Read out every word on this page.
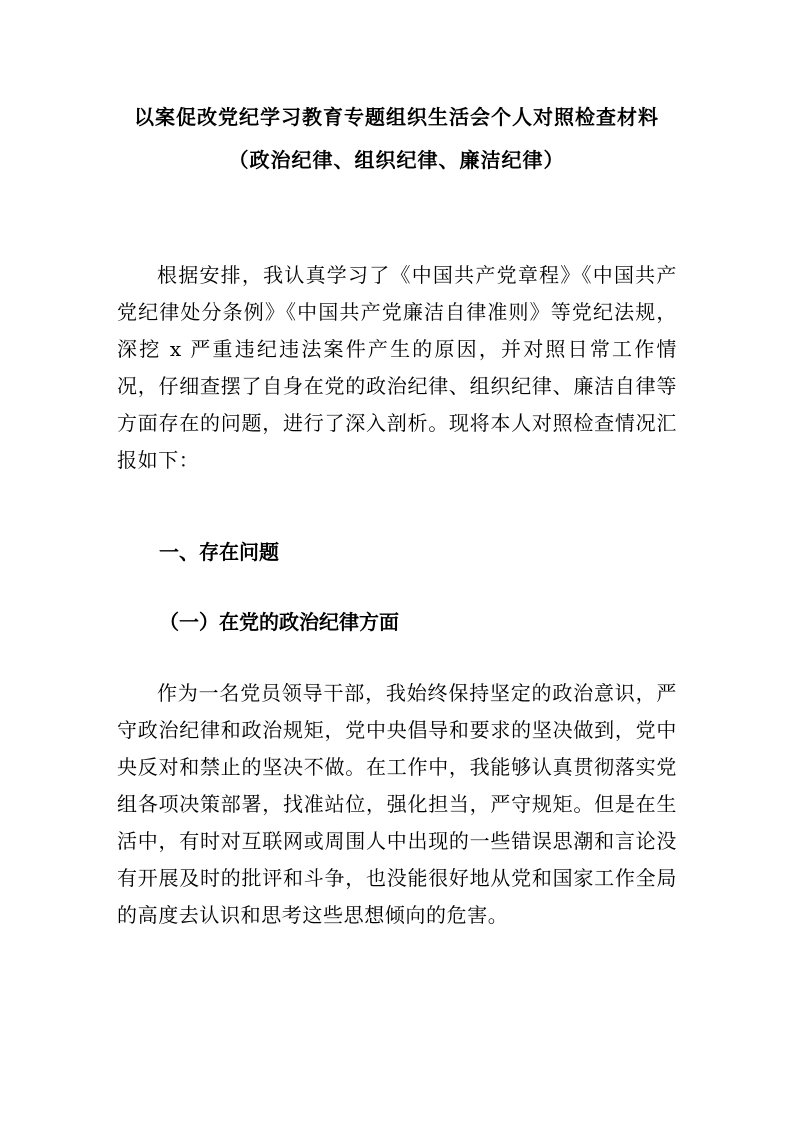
以案促改党纪学习教育专题组织生活会个人对照检查材料
（政治纪律、组织纪律、廉洁纪律）
根据安排，我认真学习了《中国共产党章程》《中国共产党纪律处分条例》《中国共产党廉洁自律准则》等党纪法规，深挖 x 严重违纪违法案件产生的原因，并对照日常工作情况，仔细查摆了自身在党的政治纪律、组织纪律、廉洁自律等方面存在的问题，进行了深入剖析。现将本人对照检查情况汇报如下：
一、存在问题
（一）在党的政治纪律方面
作为一名党员领导干部，我始终保持坚定的政治意识，严守政治纪律和政治规矩，党中央倡导和要求的坚决做到，党中央反对和禁止的坚决不做。在工作中，我能够认真贯彻落实党组各项决策部署，找准站位，强化担当，严守规矩。但是在生活中，有时对互联网或周围人中出现的一些错误思潮和言论没有开展及时的批评和斗争，也没能很好地从党和国家工作全局的高度去认识和思考这些思想倾向的危害。
